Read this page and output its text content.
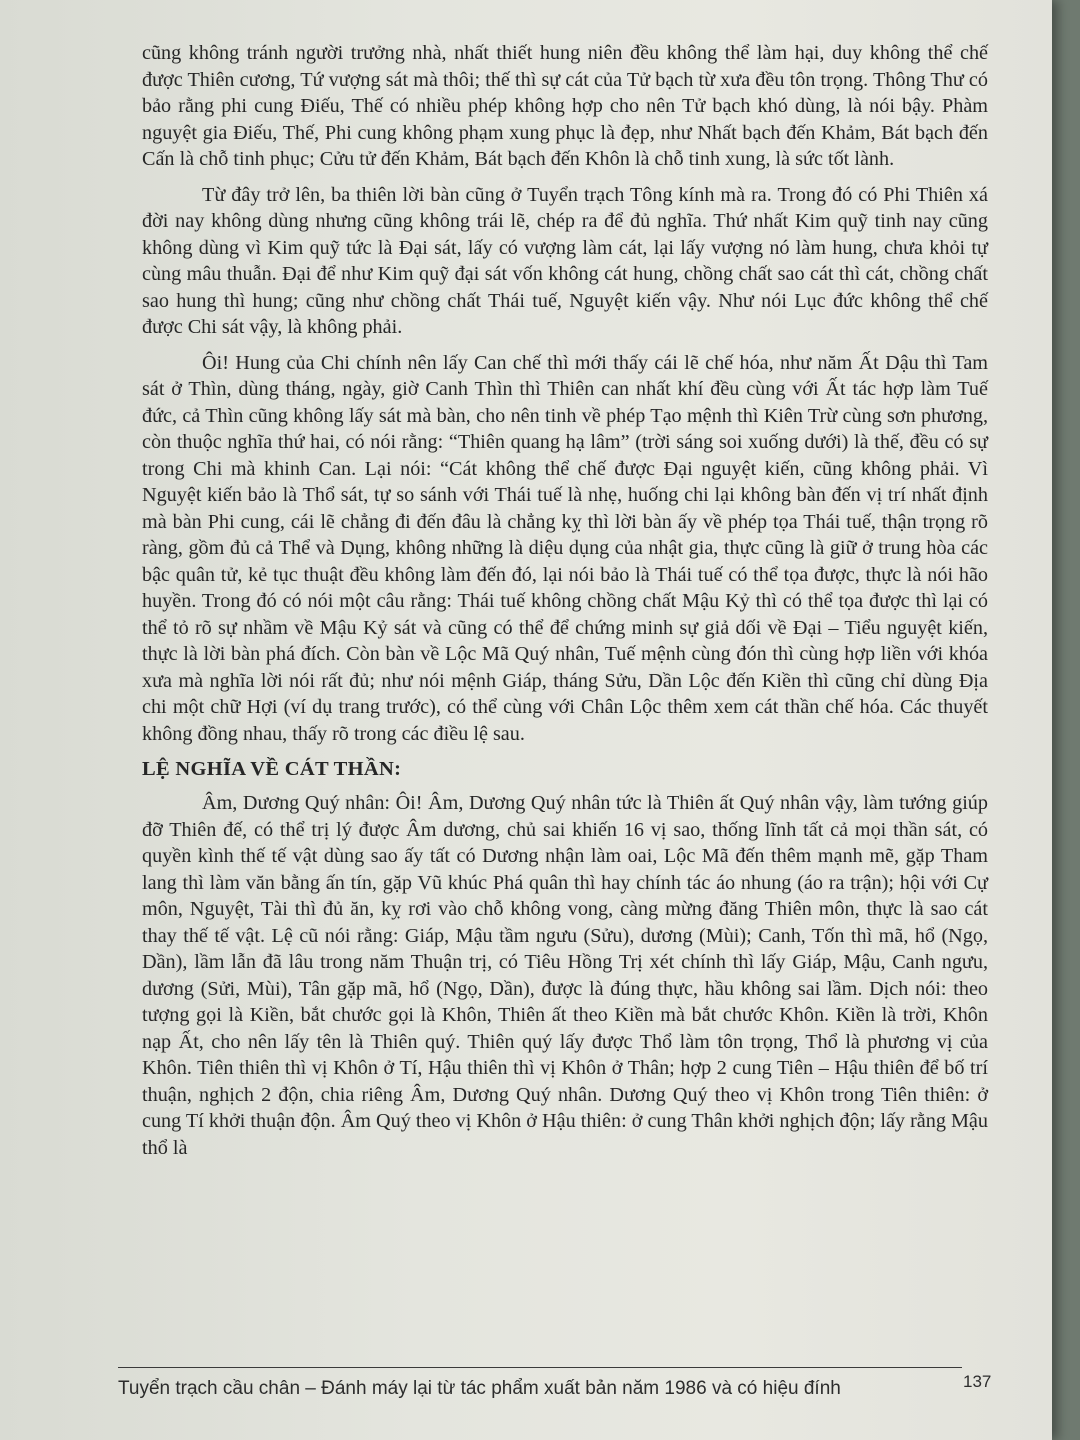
cũng không tránh người trưởng nhà, nhất thiết hung niên đều không thể làm hại, duy không thể chế được Thiên cương, Tứ vượng sát mà thôi; thế thì sự cát của Tử bạch từ xưa đều tôn trọng. Thông Thư có bảo rằng phi cung Điếu, Thế có nhiều phép không hợp cho nên Tử bạch khó dùng, là nói bậy. Phàm nguyệt gia Điếu, Thế, Phi cung không phạm xung phục là đẹp, như Nhất bạch đến Khảm, Bát bạch đến Cấn là chỗ tinh phục; Cửu tử đến Khảm, Bát bạch đến Khôn là chỗ tinh xung, là sức tốt lành.

Từ đây trở lên, ba thiên lời bàn cũng ở Tuyển trạch Tông kính mà ra. Trong đó có Phi Thiên xá đời nay không dùng nhưng cũng không trái lẽ, chép ra để đủ nghĩa. Thứ nhất Kim quỹ tinh nay cũng không dùng vì Kim quỹ tức là Đại sát, lấy có vượng làm cát, lại lấy vượng nó làm hung, chưa khỏi tự cùng mâu thuẫn. Đại để như Kim quỹ đại sát vốn không cát hung, chồng chất sao cát thì cát, chồng chất sao hung thì hung; cũng như chồng chất Thái tuế, Nguyệt kiến vậy. Như nói Lục đức không thể chế được Chi sát vậy, là không phải.

Ôi! Hung của Chi chính nên lấy Can chế thì mới thấy cái lẽ chế hóa, như năm Ất Dậu thì Tam sát ở Thìn, dùng tháng, ngày, giờ Canh Thìn thì Thiên can nhất khí đều cùng với Ất tác hợp làm Tuế đức, cả Thìn cũng không lấy sát mà bàn, cho nên tinh về phép Tạo mệnh thì Kiên Trừ cùng sơn phương, còn thuộc nghĩa thứ hai, có nói rằng: “Thiên quang hạ lâm” (trời sáng soi xuống dưới) là thế, đều có sự trong Chi mà khinh Can. Lại nói: “Cát không thể chế được Đại nguyệt kiến, cũng không phải. Vì Nguyệt kiến bảo là Thổ sát, tự so sánh với Thái tuế là nhẹ, huống chi lại không bàn đến vị trí nhất định mà bàn Phi cung, cái lẽ chẳng đi đến đâu là chẳng kỵ thì lời bàn ấy về phép tọa Thái tuế, thận trọng rõ ràng, gồm đủ cả Thể và Dụng, không những là diệu dụng của nhật gia, thực cũng là giữ ở trung hòa các bậc quân tử, kẻ tục thuật đều không làm đến đó, lại nói bảo là Thái tuế có thể tọa được, thực là nói hão huyền. Trong đó có nói một câu rằng: Thái tuế không chồng chất Mậu Kỷ thì có thể tọa được thì lại có thể tỏ rõ sự nhầm về Mậu Kỷ sát và cũng có thể để chứng minh sự giả dối về Đại – Tiểu nguyệt kiến, thực là lời bàn phá đích. Còn bàn về Lộc Mã Quý nhân, Tuế mệnh cùng đón thì cùng hợp liền với khóa xưa mà nghĩa lời nói rất đủ; như nói mệnh Giáp, tháng Sửu, Dần Lộc đến Kiền thì cũng chỉ dùng Địa chi một chữ Hợi (ví dụ trang trước), có thể cùng với Chân Lộc thêm xem cát thần chế hóa. Các thuyết không đồng nhau, thấy rõ trong các điều lệ sau.

LỆ NGHĨA VỀ CÁT THẦN:

Âm, Dương Quý nhân: Ôi! Âm, Dương Quý nhân tức là Thiên ất Quý nhân vậy, làm tướng giúp đỡ Thiên đế, có thể trị lý được Âm dương, chủ sai khiến 16 vị sao, thống lĩnh tất cả mọi thần sát, có quyền kình thế tế vật dùng sao ấy tất có Dương nhận làm oai, Lộc Mã đến thêm mạnh mẽ, gặp Tham lang thì làm văn bằng ấn tín, gặp Vũ khúc Phá quân thì hay chính tác áo nhung (áo ra trận); hội với Cự môn, Nguyệt, Tài thì đủ ăn, kỵ rơi vào chỗ không vong, càng mừng đăng Thiên môn, thực là sao cát thay thế tế vật. Lệ cũ nói rằng: Giáp, Mậu tầm ngưu (Sửu), dương (Mùi); Canh, Tốn thì mã, hổ (Ngọ, Dần), lầm lẫn đã lâu trong năm Thuận trị, có Tiêu Hồng Trị xét chính thì lấy Giáp, Mậu, Canh ngưu, dương (Sửi, Mùi), Tân gặp mã, hổ (Ngọ, Dần), được là đúng thực, hầu không sai lầm. Dịch nói: theo tượng gọi là Kiền, bắt chước gọi là Khôn, Thiên ất theo Kiền mà bắt chước Khôn. Kiền là trời, Khôn nạp Ất, cho nên lấy tên là Thiên quý. Thiên quý lấy được Thổ làm tôn trọng, Thổ là phương vị của Khôn. Tiên thiên thì vị Khôn ở Tí, Hậu thiên thì vị Khôn ở Thân; hợp 2 cung Tiên – Hậu thiên để bố trí thuận, nghịch 2 độn, chia riêng Âm, Dương Quý nhân. Dương Quý theo vị Khôn trong Tiên thiên: ở cung Tí khởi thuận độn. Âm Quý theo vị Khôn ở Hậu thiên: ở cung Thân khởi nghịch độn; lấy rằng Mậu thổ là

Tuyển trạch cầu chân – Đánh máy lại từ tác phẩm xuất bản năm 1986 và có hiệu đính	137
